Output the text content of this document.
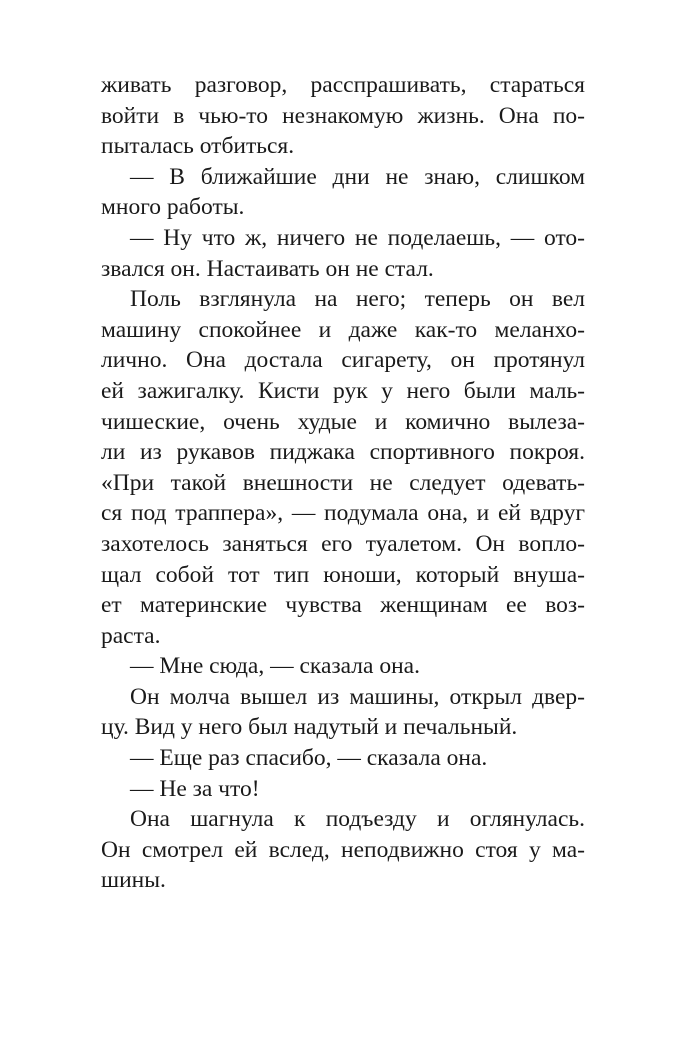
живать разговор, расспрашивать, стараться
войти в чью-то незнакомую жизнь. Она по-
пыталась отбиться.
— В ближайшие дни не знаю, слишком
много работы.
— Ну что ж, ничего не поделаешь, — ото-
звался он. Настаивать он не стал.
Поль взглянула на него; теперь он вел
машину спокойнее и даже как-то меланхо-
лично. Она достала сигарету, он протянул
ей зажигалку. Кисти рук у него были маль-
чишеские, очень худые и комично вылеза-
ли из рукавов пиджака спортивного покроя.
«При такой внешности не следует одевать-
ся под траппера», — подумала она, и ей вдруг
захотелось заняться его туалетом. Он вопло-
щал собой тот тип юноши, который внуша-
ет материнские чувства женщинам ее воз-
раста.
— Мне сюда, — сказала она.
Он молча вышел из машины, открыл двер-
цу. Вид у него был надутый и печальный.
— Еще раз спасибо, — сказала она.
— Не за что!
Она шагнула к подъезду и оглянулась.
Он смотрел ей вслед, неподвижно стоя у ма-
шины.
